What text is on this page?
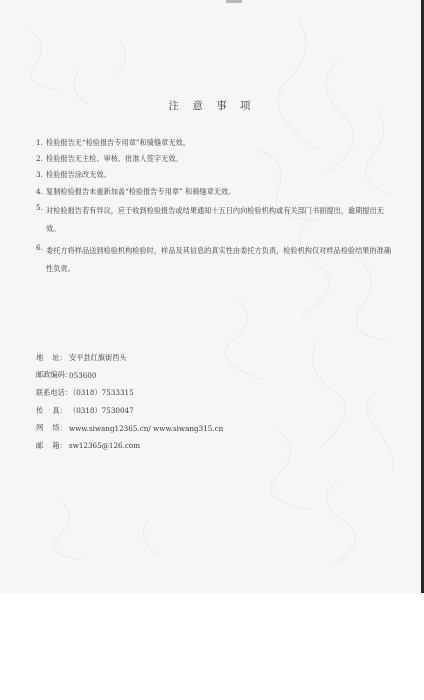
注 意 事 项
1. 检验报告无“检验报告专用章”和骑缝章无效。
2. 检验报告无主检、审核、批准人签字无效。
3. 检验报告涂改无效。
4. 复制检验报告未重新加盖“检验报告专用章” 和骑缝章无效。
5. 对检验报告若有异议，应于收到检验报告或结果通知十五日内向检验机构或有关部门书面提出，逾期提出无效。
6. 委托方将样品送到检验机构检验时，样品及其信息的真实性由委托方负责，检验机构仅对样品检验结果的准确性负责。
地    址： 安平县红旗街西头
邮政编码：
053600
联系电话：
（0318）7533315
传    真： （0318）7530047
网    络： www.siwang12365.cn/ www.siwang315.cn
邮    箱： sw12365@126.com
